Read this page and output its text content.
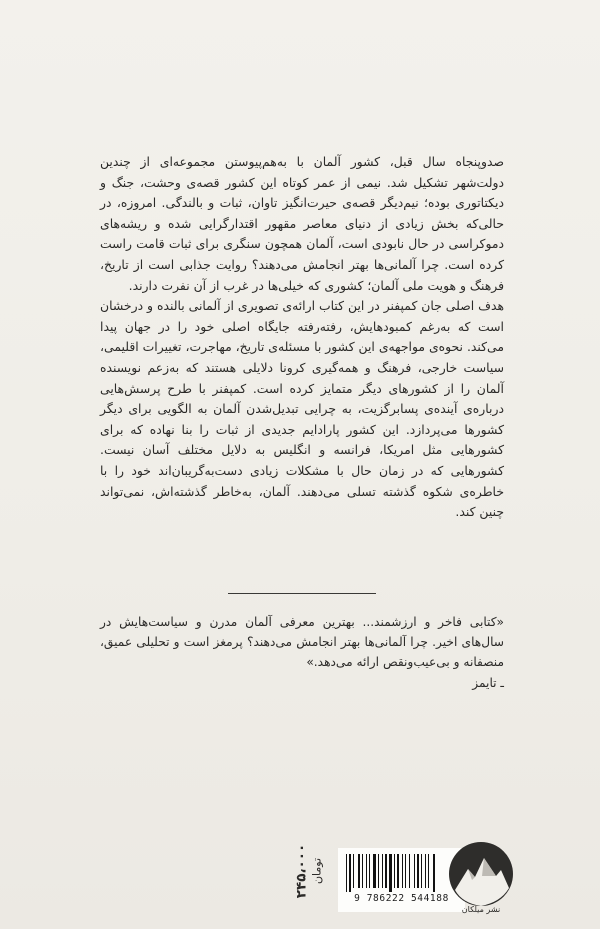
صدوپنجاه سال قبل، کشور آلمان با به‌هم‌پیوستن مجموعه‌ای از چندین دولت‌شهر تشکیل شد. نیمی از عمر کوتاه این کشور قصه‌ی وحشت، جنگ و دیکتاتوری بوده؛ نیم‌دیگر قصه‌ی حیرت‌انگیز تاوان، ثبات و بالندگی. امروزه، در حالی‌که بخش زیادی از دنیای معاصر مقهور اقتدارگرایی شده و ریشه‌های دموکراسی در حال نابودی است، آلمان همچون سنگری برای ثبات قامت راست کرده است. چرا آلمانی‌ها بهتر انجامش می‌دهند؟ روایت جذابی است از تاریخ، فرهنگ و هویت ملی آلمان؛ کشوری که خیلی‌ها در غرب از آن نفرت دارند.

هدف اصلی جان کمپفنر در این کتاب ارائه‌ی تصویری از آلمانی بالنده و درخشان است که به‌رغم کمبودهایش، رفته‌رفته جایگاه اصلی خود را در جهان پیدا می‌کند. نحوه‌ی مواجهه‌ی این کشور با مسئله‌ی تاریخ، مهاجرت، تغییرات اقلیمی، سیاست خارجی، فرهنگ و همه‌گیری کرونا دلایلی هستند که به‌زعم نویسنده آلمان را از کشورهای دیگر متمایز کرده است. کمپفنر با طرح پرسش‌هایی درباره‌ی آینده‌ی پسابرگزیت، به چرایی تبدیل‌شدن آلمان به الگویی برای دیگر کشورها می‌پردازد. این کشور پارادایم جدیدی از ثبات را بنا نهاده که برای کشورهایی مثل امریکا، فرانسه و انگلیس به دلایل مختلف آسان نیست. کشورهایی که در زمان حال با مشکلات زیادی دست‌به‌گریبان‌اند خود را با خاطره‌ی شکوه گذشته تسلی می‌دهند. آلمان، به‌خاطر گذشته‌اش، نمی‌تواند چنین کند.

«کتابی فاخر و ارزشمند... بهترین معرفی آلمان مدرن و سیاست‌هایش در سال‌های اخیر. چرا آلمانی‌ها بهتر انجامش می‌دهند؟ پرمغز است و تحلیلی عمیق، منصفانه و بی‌عیب‌ونقص ارائه می‌دهد.»

ـ تایمز

۲۴۵،۰۰۰ تومان
9 786222 544188
نشر میلکان
